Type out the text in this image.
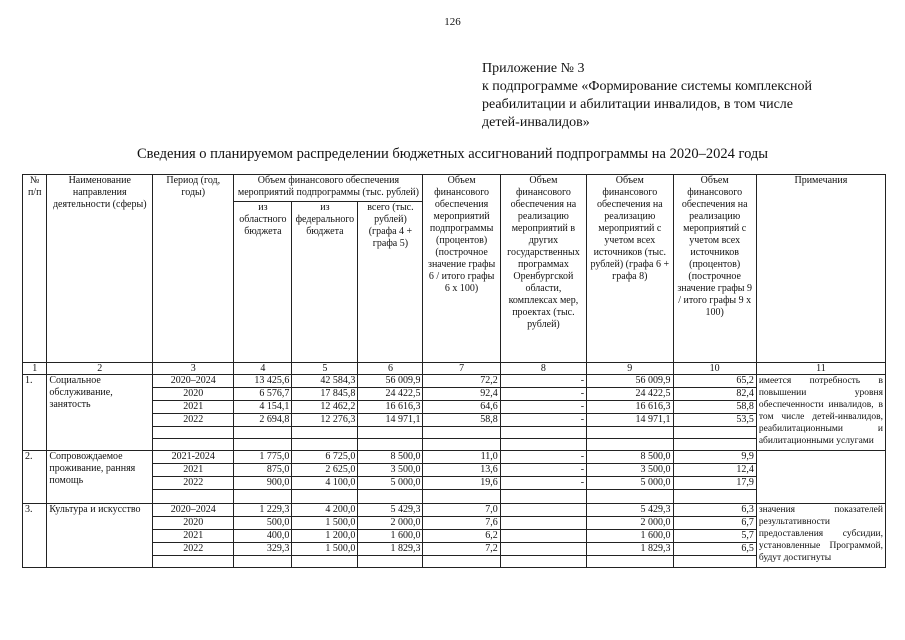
126
Приложение № 3
к подпрограмме «Формирование системы комплексной
реабилитации и абилитации инвалидов, в том числе
детей-инвалидов»
Сведения о планируемом распределении бюджетных ассигнований подпрограммы на 2020–2024 годы
№ п/п	Наименование направления деятельности (сферы)	Период (год, годы)	Объем финансового обеспечения мероприятий подпрограммы (тыс. рублей)			Объем финансового обеспечения мероприятий подпрограммы (процентов) (построчное значение графы 6 / итого графы 6 x 100)	Объем финансового обеспечения на реализацию мероприятий в других государственных программах Оренбургской области, комплексах мер, проектах (тыс. рублей)	Объем финансового обеспечения на реализацию мероприятий с учетом всех источников (тыс. рублей) (графа 6 + графа 8)	Объем финансового обеспечения на реализацию мероприятий с учетом всех источников (процентов) (построчное значение графы 9 / итого графы 9 x 100)	Примечания
			из областного бюджета	из федерального бюджета	всего (тыс. рублей) (графа 4 + графа 5)					
1	2	3	4	5	6	7	8	9	10	11
1.	Социальное обслуживание, занятость	2020–2024	13 425,6	42 584,3	56 009,9	72,2	-	56 009,9	65,2	имеется потребность в повышении уровня обеспеченности инвалидов, в том числе детей-инвалидов, реабилитационными и абилитационными услугами
		2020	6 576,7	17 845,8	24 422,5	92,4	-	24 422,5	82,4	
		2021	4 154,1	12 462,2	16 616,3	64,6	-	16 616,3	58,8	
		2022	2 694,8	12 276,3	14 971,1	58,8	-	14 971,1	53,5	

2.	Сопровождаемое проживание, ранняя помощь	2021-2024	1 775,0	6 725,0	8 500,0	11,0	-	8 500,0	9,9	
		2021	875,0	2 625,0	3 500,0	13,6	-	3 500,0	12,4	
		2022	900,0	4 100,0	5 000,0	19,6	-	5 000,0	17,9	

3.	Культура и искусство	2020–2024	1 229,3	4 200,0	5 429,3	7,0		5 429,3	6,3	значения показателей результативности предоставления субсидии, установленные Программой, будут достигнуты
		2020	500,0	1 500,0	2 000,0	7,6		2 000,0	6,7	
		2021	400,0	1 200,0	1 600,0	6,2		1 600,0	5,7	
		2022	329,3	1 500,0	1 829,3	7,2		1 829,3	6,5	
